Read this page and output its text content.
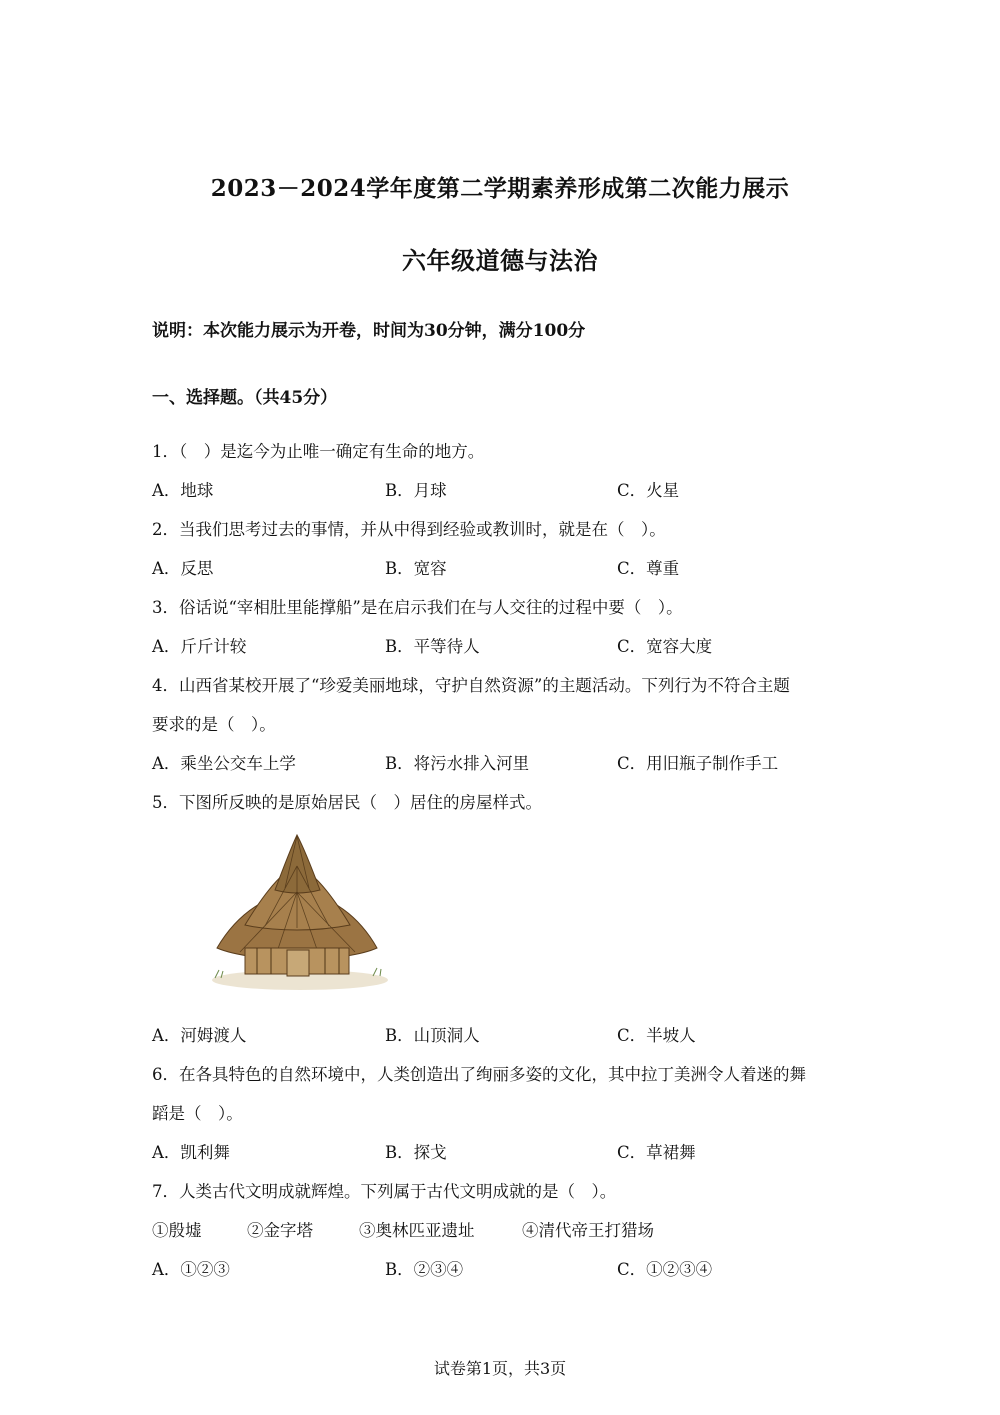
2023－2024学年度第二学期素养形成第二次能力展示
六年级道德与法治
说明：本次能力展示为开卷，时间为30分钟，满分100分
一、选择题。（共45分）
1．（　）是迄今为止唯一确定有生命的地方。
A．地球	B．月球	C．火星
2．当我们思考过去的事情，并从中得到经验或教训时，就是在（　）。
A．反思	B．宽容	C．尊重
3．俗话说“宰相肚里能撑船”是在启示我们在与人交往的过程中要（　）。
A．斤斤计较	B．平等待人	C．宽容大度
4．山西省某校开展了“珍爱美丽地球，守护自然资源”的主题活动。下列行为不符合主题
要求的是（　）。
A．乘坐公交车上学	B．将污水排入河里	C．用旧瓶子制作手工
5．下图所反映的是原始居民（　）居住的房屋样式。
A．河姆渡人	B．山顶洞人	C．半坡人
6．在各具特色的自然环境中，人类创造出了绚丽多姿的文化，其中拉丁美洲令人着迷的舞
蹈是（　）。
A．凯利舞	B．探戈	C．草裙舞
7．人类古代文明成就辉煌。下列属于古代文明成就的是（　）。
①殷墟	②金字塔	③奥林匹亚遗址	④清代帝王打猎场
A．①②③	B．②③④	C．①②③④
试卷第1页，共3页
